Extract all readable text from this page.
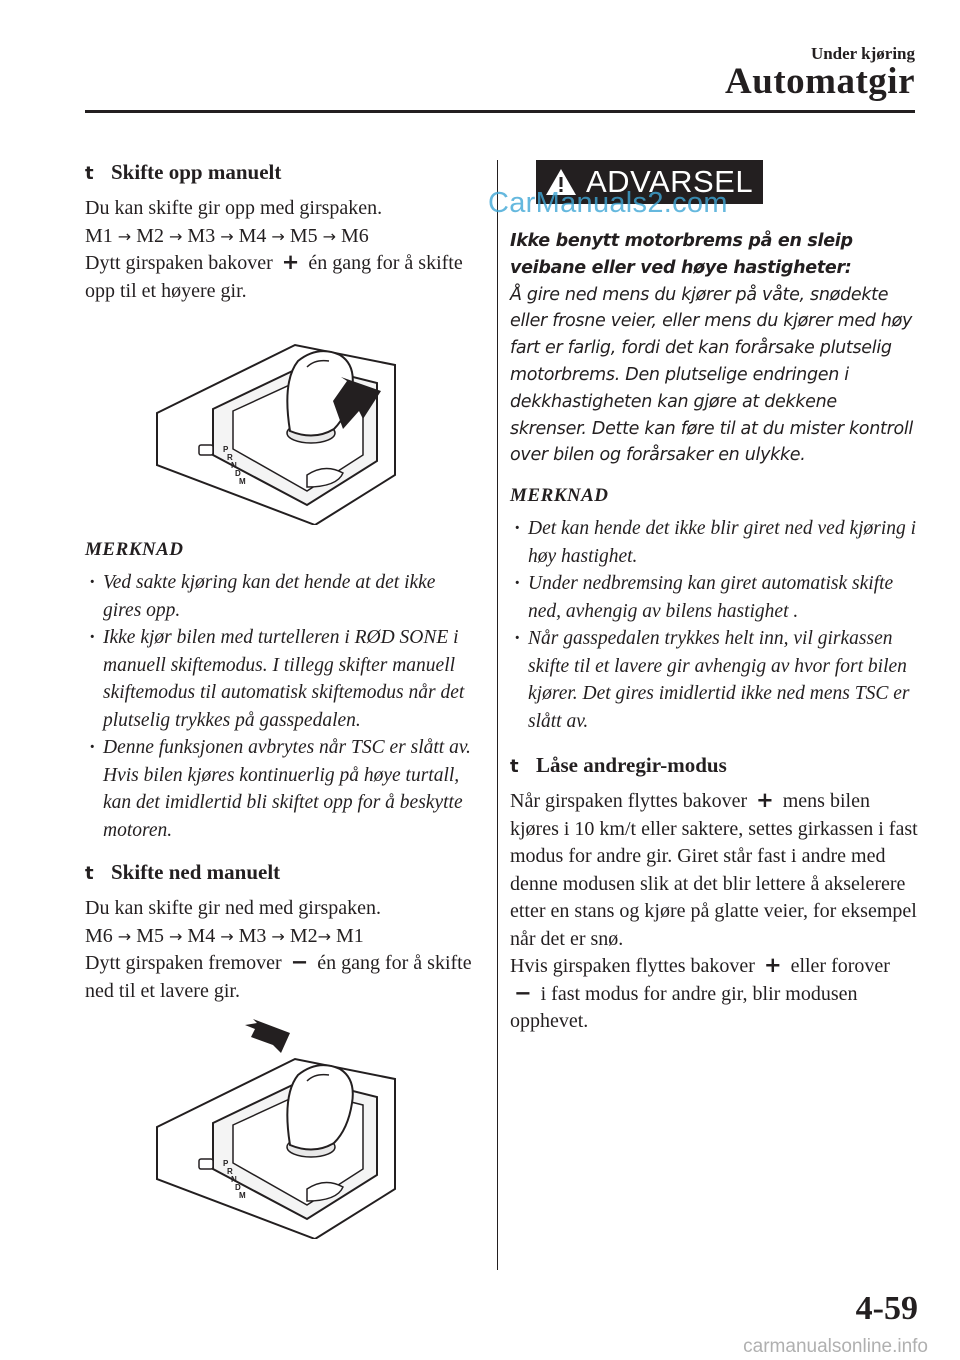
Under kjøring
Automatgir
t Skifte opp manuelt

Du kan skifte gir opp med girspaken.

M1 → M2 → M3 → M4 → M5 → M6

Dytt girspaken bakover + én gang for å skifte opp til et høyere gir.

P
R
N
D
M
MERKNAD
· Ved sakte kjøring kan det hende at det ikke gires opp.
· Ikke kjør bilen med turtelleren i RØD SONE i manuell skiftemodus. I tillegg skifter manuell skiftemodus til automatisk skiftemodus når det plutselig trykkes på gasspedalen.
· Denne funksjonen avbrytes når TSC er slått av. Hvis bilen kjøres kontinuerlig på høye turtall, kan det imidlertid bli skiftet opp for å beskytte motoren.
t Skifte ned manuelt

Du kan skifte gir ned med girspaken.

M6 → M5 → M4 → M3 → M2→ M1

Dytt girspaken fremover − én gang for å skifte ned til et lavere gir.

P
R
N
D
M
ADVARSEL
Ikke benytt motorbrems på en sleip veibane eller ved høye hastigheter:
Å gire ned mens du kjører på våte, snødekte eller frosne veier, eller mens du kjører med høy fart er farlig, fordi det kan forårsake plutselig motorbrems. Den plutselige endringen i dekkhastigheten kan gjøre at dekkene skrenser. Dette kan føre til at du mister kontroll over bilen og forårsaker en ulykke.
MERKNAD
· Det kan hende det ikke blir giret ned ved kjøring i høy hastighet.
· Under nedbremsing kan giret automatisk skifte ned, avhengig av bilens hastighet .
· Når gasspedalen trykkes helt inn, vil girkassen skifte til et lavere gir avhengig av hvor fort bilen kjører. Det gires imidlertid ikke ned mens TSC er slått av.
t Låse andregir-modus

Når girspaken flyttes bakover + mens bilen kjøres i 10 km/t eller saktere, settes girkassen i fast modus for andre gir. Giret står fast i andre med denne modusen slik at det blir lettere å akselerere etter en stans og kjøre på glatte veier, for eksempel når det er snø.

Hvis girspaken flyttes bakover + eller forover − i fast modus for andre gir, blir modusen opphevet.

CarManuals2.com
4-59
carmanualsonline.info
